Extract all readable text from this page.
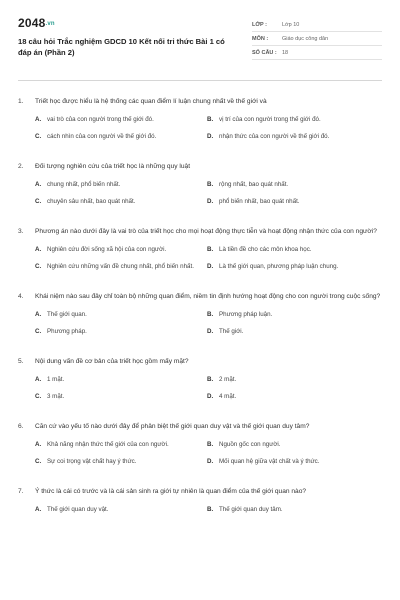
2048.vn
18 câu hỏi Trắc nghiệm GDCD 10 Kết nối tri thức Bài 1 có đáp án (Phần 2)
LỚP :	Lớp 10
MÔN :	Giáo dục công dân
SỐ CÂU : 18
1.	Triết học được hiểu là hệ thống các quan điểm lí luận chung nhất về thế giới và
A. vai trò của con người trong thế giới đó.	B. vị trí của con người trong thế giới đó.
C. cách nhìn của con người về thế giới đó.	D. nhận thức của con người về thế giới đó.
2.	Đối tượng nghiên cứu của triết học là những quy luật
A. chung nhất, phổ biến nhất.	B. rộng nhất, bao quát nhất.
C. chuyên sâu nhất, bao quát nhất.	D. phổ biến nhất, bao quát nhất.
3.	Phương án nào dưới đây là vai trò của triết học cho mọi hoạt động thực tiễn và hoạt động nhận thức của con người?
A. Nghiên cứu đời sống xã hội của con người.	B. Là tiền đề cho các môn khoa học.
C. Nghiên cứu những vấn đề chung nhất, phổ biến nhất.	D. Là thế giới quan, phương pháp luận chung.
4.	Khái niệm nào sau đây chỉ toàn bộ những quan điểm, niềm tin định hướng hoạt động cho con người trong cuộc sống?
A. Thế giới quan.	B. Phương pháp luận.
C. Phương pháp.	D. Thế giới.
5.	Nội dung vấn đề cơ bản của triết học gồm mấy mặt?
A. 1 mặt.	B. 2 mặt.
C. 3 mặt.	D. 4 mặt.
6.	Căn cứ vào yếu tố nào dưới đây để phân biệt thế giới quan duy vật và thế giới quan duy tâm?
A. Khả năng nhận thức thế giới của con người.	B. Nguồn gốc con người.
C. Sự coi trọng vật chất hay ý thức.	D. Mối quan hệ giữa vật chất và ý thức.
7.	Ý thức là cái có trước và là cái sản sinh ra giới tự nhiên là quan điểm của thế giới quan nào?
A. Thế giới quan duy vật.	B. Thế giới quan duy tâm.
